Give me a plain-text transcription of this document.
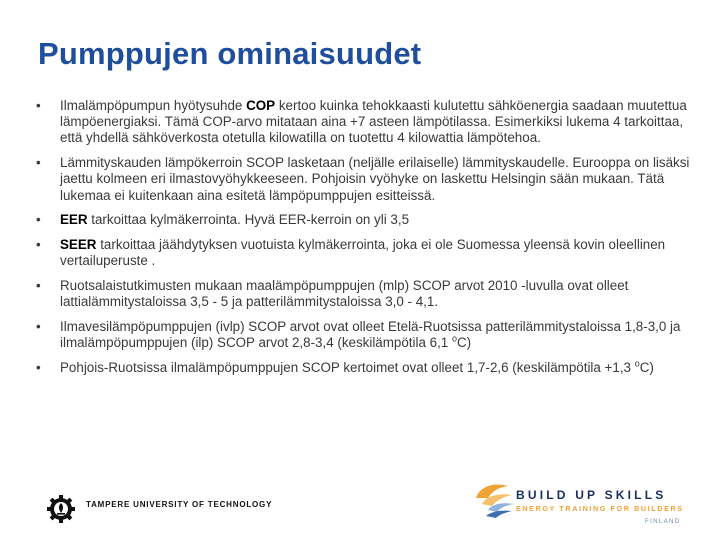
Pumppujen ominaisuudet
• Ilmalämpöpumpun hyötysuhde COP kertoo kuinka tehokkaasti kulutettu sähköenergia saadaan muutettua lämpöenergiaksi. Tämä COP-arvo mitataan aina +7 asteen lämpötilassa. Esimerkiksi lukema 4 tarkoittaa, että yhdellä sähköverkosta otetulla kilowatilla on tuotettu 4 kilowattia lämpötehoa.
• Lämmityskauden lämpökerroin SCOP lasketaan (neljälle erilaiselle) lämmityskaudelle. Eurooppa on lisäksi jaettu kolmeen eri ilmastovyöhykkeeseen. Pohjoisin vyöhyke on laskettu Helsingin sään mukaan. Tätä lukemaa ei kuitenkaan aina esitetä lämpöpumppujen esitteissä.
• EER tarkoittaa kylmäkerrointa. Hyvä EER-kerroin on yli 3,5
• SEER tarkoittaa jäähdytyksen vuotuista kylmäkerrointa, joka ei ole Suomessa yleensä kovin oleellinen vertailuperuste .
• Ruotsalaistutkimusten mukaan maalämpöpumppujen (mlp) SCOP arvot 2010 -luvulla ovat olleet lattialämmitystaloissa 3,5 - 5 ja patterilämmitystaloissa 3,0 - 4,1.
• Ilmavesilämpöpumppujen (ivlp) SCOP arvot ovat olleet Etelä-Ruotsissa patterilämmitystaloissa 1,8-3,0 ja ilmalämpöpumppujen (ilp) SCOP arvot 2,8-3,4 (keskilämpötila 6,1 $^o$C)
• Pohjois-Ruotsissa ilmalämpöpumppujen SCOP kertoimet ovat olleet 1,7-2,6 (keskilämpötila +1,3 $^o$C)
TAMPERE UNIVERSITY OF TECHNOLOGY
BUILD UP SKILLS
ENERGY TRAINING FOR BUILDERS
FINLAND
